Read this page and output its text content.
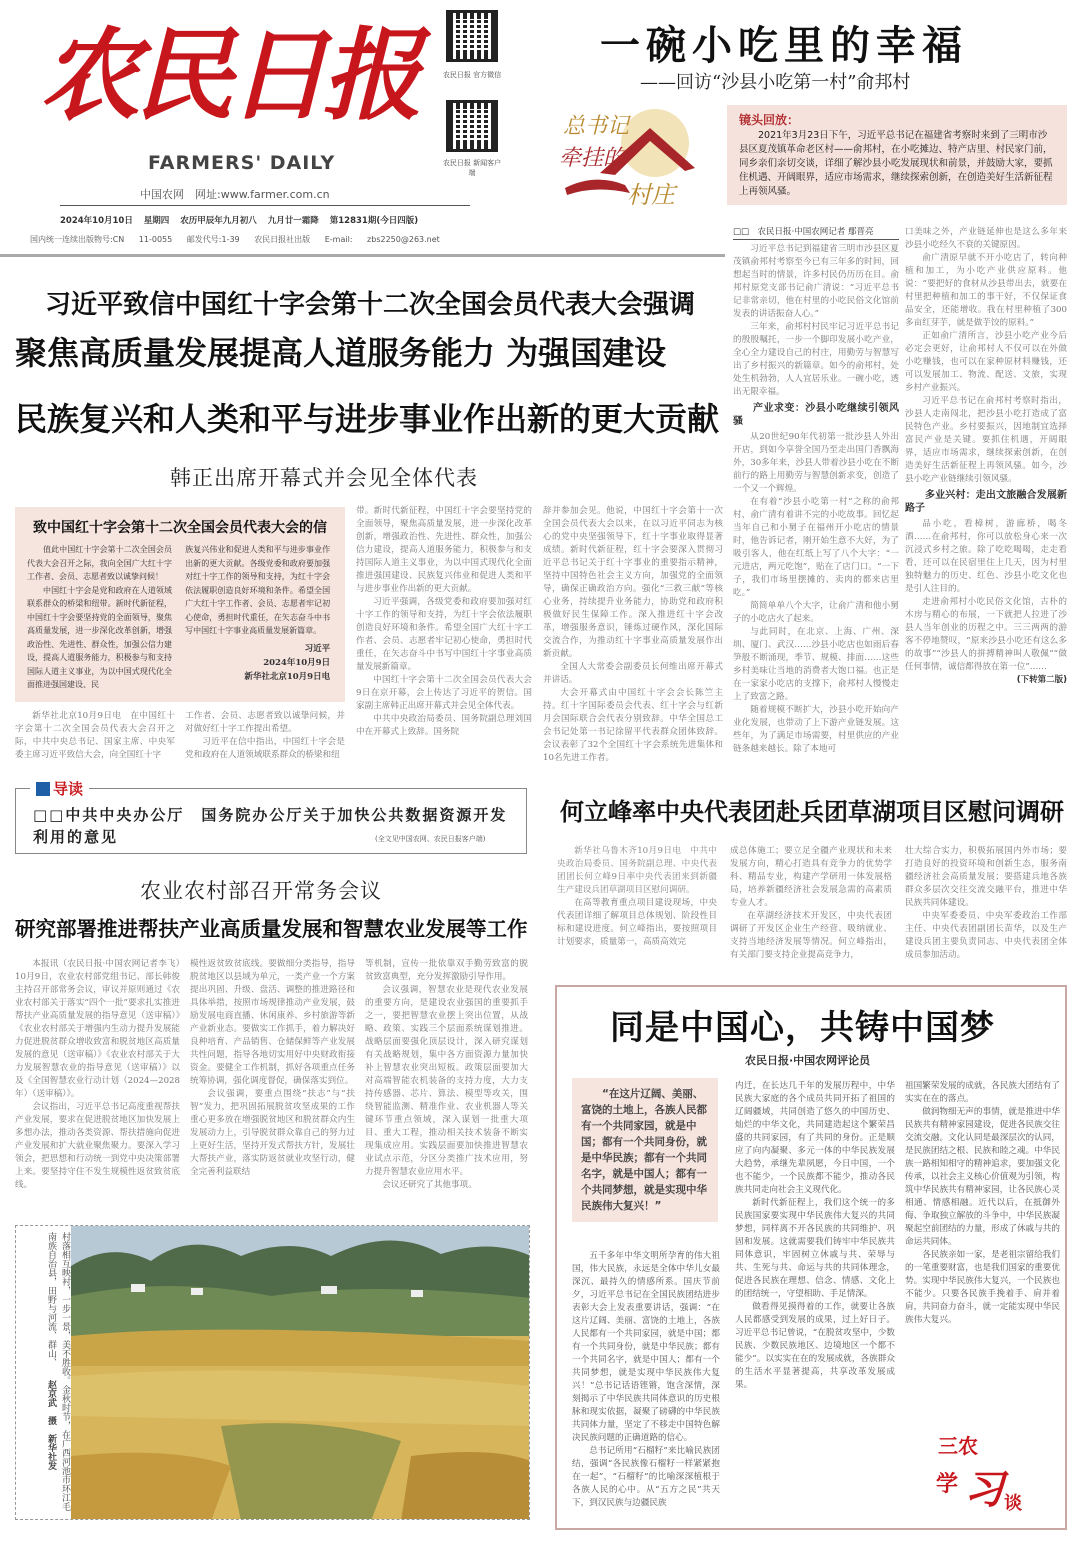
农民日报
FARMERS' DAILY
农民日报 官方微信
农民日报 新闻客户端
中国农网　网址:www.farmer.com.cn
2024年10月10日 星期四 农历甲辰年九月初八 九月廿一霜降 第12831期(今日四版)
国内统一连续出版物号:CN 11-0055 邮发代号:1-39 农民日报社出版 E-mail: zbs2250@263.net
一碗小吃里的幸福
——回访“沙县小吃第一村”俞邦村
总书记
牵挂的
村庄
镜头回放：

2021年3月23日下午，习近平总书记在福建省考察时来到了三明市沙县区夏茂镇革命老区村——俞邦村，在小吃摊边、特产店里、村民家门前，同乡亲们亲切交谈，详细了解沙县小吃发展现状和前景，并鼓励大家，要抓住机遇、开阔眼界，适应市场需求，继续探索创新，在创造美好生活新征程上再领风骚。

□□　农民日报·中国农网记者 鄢晋亮

习近平总书记到福建省三明市沙县区夏茂镇俞邦村考察至今已有三年多的时间，回想起当时的情景，许多村民仍历历在目。俞邦村原党支部书记俞广清说：“习近平总书记非常亲切，他在村里的小吃民俗文化馆前发表的讲话振奋人心。”

三年来，俞邦村村民牢记习近平总书记的殷殷嘱托，一步一个脚印发展小吃产业，全心全力建设自己的村庄，用勤劳与智慧写出了乡村振兴的新篇章。如今的俞邦村，处处生机勃勃，人人宜居乐业。一碗小吃，透出无限幸福。

产业求变：沙县小吃继续引领风骚

从20世纪90年代初第一批沙县人外出开店，到如今享誉全国乃至走出国门香飘海外，30多年来，沙县人带着沙县小吃在不断前行的路上用勤劳与智慧创新求变，创造了一个又一个辉煌。

在有着“沙县小吃第一村”之称的俞邦村，俞广清有着讲不完的小吃故事。回忆起当年自己和小舅子在福州开小吃店的情景时，他告诉记者，刚开始生意不大好，为了吸引客人，他在红纸上写了八个大字：“一元进店，两元吃饱”，贴在了店门口。“一下子，我们市场里摆摊的、卖肉的都来店里吃。”

简简单单八个大字，让俞广清和他小舅子的小吃店火了起来。

与此同时，在北京、上海、广州、深圳、厦门、武汉……沙县小吃店也如雨后春笋般不断涌现，季节、规模、排面……这些乡村美味让当地的消费者大饱口福。也正是在一家家小吃店的支撑下，俞邦村人慢慢走上了致富之路。

随着规模不断扩大，沙县小吃开始向产业化发展，也带动了上下游产业链发展。这些年，为了满足市场需要，村里供应的产业链条越来越长。除了本地可

口美味之外，产业链延伸也是这么多年来沙县小吃经久不衰的关键原因。

俞广清原早就不开小吃店了，转向种植和加工，为小吃产业供应原料。他说：“要把好的食材从沙县带出去，就要在村里把种植和加工的事干好，不仅保证食品安全，还能增收。我在村里种植了300多亩红芽芋，就是做芋饺的原料。”

正如俞广清所言，沙县小吃产业今后必定会更好，让俞邦村人不仅可以在外做小吃赚钱，也可以在家种原材料赚钱，还可以发展加工、物流、配送、文旅，实现乡村产业振兴。

习近平总书记在俞邦村考察时指出，沙县人走南闯北，把沙县小吃打造成了富民特色产业。乡村要振兴，因地制宜选择富民产业是关键。要抓住机遇，开阔眼界，适应市场需求，继续探索创新，在创造美好生活新征程上再领风骚。如今，沙县小吃产业链继续引领风骚。

多业兴村：走出文旅融合发展新路子

品小吃，看樟树，游廊桥，喝冬酒……在俞邦村，你可以放松身心来一次沉浸式乡村之旅。除了吃吃喝喝，走走看看，还可以在民宿里住上几天，因为村里独特魅力的历史、红色、沙县小吃文化也是引人注目的。

走进俞邦村小吃民俗文化馆，古朴的木房与精心的布展，一下就把人拉进了沙县人当年创业的历程之中。三三两两的游客不停地赞叹，“原来沙县小吃还有这么多的故事”“沙县人的拼搏精神叫人敬佩”“做任何事情，诚信都得放在第一位”……

(下转第二版)
习近平致信中国红十字会第十二次全国会员代表大会强调
聚焦高质量发展提高人道服务能力 为强国建设
民族复兴和人类和平与进步事业作出新的更大贡献
韩正出席开幕式并会见全体代表
致中国红十字会第十二次全国会员代表大会的信

值此中国红十字会第十二次全国会员代表大会召开之际，我向全国广大红十字工作者、会员、志愿者致以诚挚问候！

中国红十字会是党和政府在人道领域联系群众的桥梁和纽带。新时代新征程，中国红十字会要坚持党的全面领导，聚焦高质量发展，进一步深化改革创新，增强政治性、先进性、群众性，加强公信力建设，提高人道服务能力，积极参与和支持国际人道主义事业，为以中国式现代化全面推进强国建设、民

族复兴伟业和促进人类和平与进步事业作出新的更大贡献。各级党委和政府要加强对红十字工作的领导和支持，为红十字会依法履职创造良好环境和条件。希望全国广大红十字工作者、会员、志愿者牢记初心使命，勇担时代重任，在矢志奋斗中书写中国红十字事业高质量发展新篇章。

习近平
2024年10月9日
新华社北京10月9日电

新华社北京10月9日电　在中国红十字会第十二次全国会员代表大会召开之际，中共中央总书记、国家主席、中央军委主席习近平致信大会，向全国红十字

工作者、会员、志愿者致以诚挚问候，并对做好红十字工作提出希望。

习近平在信中指出，中国红十字会是党和政府在人道领域联系群众的桥梁和纽

带。新时代新征程，中国红十字会要坚持党的全面领导，聚焦高质量发展，进一步深化改革创新，增强政治性、先进性、群众性，加强公信力建设，提高人道服务能力，积极参与和支持国际人道主义事业，为以中国式现代化全面推进强国建设、民族复兴伟业和促进人类和平与进步事业作出新的更大贡献。

习近平强调，各级党委和政府要加强对红十字工作的领导和支持，为红十字会依法履职创造良好环境和条件。希望全国广大红十字工作者、会员、志愿者牢记初心使命，勇担时代重任，在矢志奋斗中书写中国红十字事业高质量发展新篇章。

中国红十字会第十二次全国会员代表大会9日在京开幕，会上传达了习近平的贺信。国家副主席韩正出席开幕式并会见全体代表。

中共中央政治局委员、国务院副总理刘国中在开幕式上致辞。国务院

辞并参加会见。他说，中国红十字会第十一次全国会员代表大会以来，在以习近平同志为核心的党中央坚强领导下，红十字事业取得显著成绩。新时代新征程，红十字会要深入贯彻习近平总书记关于红十字事业的重要指示精神，坚持中国特色社会主义方向，加强党的全面领导，确保正确政治方向。强化“三救三献”等核心业务，持续提升业务能力，协助党和政府积极做好民生保障工作。深入推进红十字会改革，增强服务意识，锤炼过硬作风，深化国际交流合作，为推动红十字事业高质量发展作出新贡献。

全国人大常委会副委员长何维出席开幕式并讲话。

大会开幕式由中国红十字会会长陈竺主持。红十字国际委员会代表、红十字会与红新月会国际联合会代表分别致辞。中华全国总工会书记处第一书记徐留平代表群众团体致辞。会议表彰了32个全国红十字会系统先进集体和10名先进工作者。

导读
□□中共中央办公厅　国务院办公厅关于加快公共数据资源开发利用的意见	(全文见中国农网、农民日报客户端)
何立峰率中央代表团赴兵团草湖项目区慰问调研

新华社乌鲁木齐10月9日电　中共中央政治局委员、国务院副总理、中央代表团团长何立峰9日率中央代表团来到新疆生产建设兵团草湖项目区慰问调研。

在高等教育重点项目建设现场，中央代表团详细了解项目总体规划、阶段性目标和建设进度。何立峰指出，要按照项目计划要求，质量第一，高质高效完

成总体施工；要立足全疆产业现状和未来发展方向，精心打造具有竞争力的优势学科、精品专业，构建产学研用一体发展格局，培养新疆经济社会发展急需的高素质专业人才。

在草湖经济技术开发区，中央代表团调研了开发区企业生产经营、吸纳就业、支持当地经济发展等情况。何立峰指出，有关部门要支持企业提高竞争力，

壮大综合实力，积极拓展国内外市场；要打造良好的投资环境和创新生态，服务南疆经济社会高质量发展；要搭建兵地各族群众多层次交往交流交融平台，推进中华民族共同体建设。

中央军委委员、中央军委政治工作部主任、中央代表团副团长苗华，以及生产建设兵团主要负责同志、中央代表团全体成员参加活动。

农业农村部召开常务会议
研究部署推进帮扶产业高质量发展和智慧农业发展等工作

本报讯（农民日报·中国农网记者李飞）10月9日，农业农村部党组书记、部长韩俊主持召开部常务会议，审议并原则通过《农业农村部关于落实“四个一批”要求扎实推进帮扶产业高质量发展的指导意见（送审稿）》《农业农村部关于增强内生动力提升发展能力促进脱贫群众增收致富和脱贫地区高质量发展的意见（送审稿）》《农业农村部关于大力发展智慧农业的指导意见（送审稿）》以及《全国智慧农业行动计划（2024—2028年）（送审稿）》。

会议指出，习近平总书记高度重视帮扶产业发展，要求在促进脱贫地区加快发展上多想办法，推动各类资源、帮扶措施向促进产业发展和扩大就业聚焦聚力。要深入学习领会，把思想和行动统一到党中央决策部署上来。要坚持守住不发生规模性返贫致贫底线。

模性返贫致贫底线。要做细分类指导，指导脱贫地区以县域为单元，一类产业一个方案提出巩固、升级、盘活、调整的推进路径和具体举措，按照市场规律推动产业发展，鼓励发展电商直播、休闲康养、乡村旅游等新产业新业态。要做实工作抓手，着力解决好良种培育、产品销售、仓储保鲜等产业发展共性问题，指导各地切实用好中央财政衔接资金。要健全工作机制，抓好各项重点任务统筹协调，强化调度督促，确保落实到位。

会议强调，要重点围绕“扶志”与“扶智”发力，把巩固拓展脱贫攻坚成果的工作重心更多放在增强脱贫地区和脱贫群众内生发展动力上，引导脱贫群众靠自己的努力过上更好生活，坚持开发式帮扶方针，发展壮大帮扶产业，落实防返贫就业攻坚行动，健全完善利益联结

等机制，宣传一批依靠双手勤劳致富的脱贫致富典型，充分发挥激励引导作用。

会议强调，智慧农业是现代农业发展的重要方向，是建设农业强国的重要抓手之一，要把智慧农业摆上突出位置，从战略、政策、实践三个层面系统谋划推进。战略层面要强化顶层设计，深入研究谋划有关战略规划，集中各方面资源力量加快补上智慧农业突出短板。政策层面要加大对高端智能农机装备的支持力度，大力支持传感器、芯片、算法、模型等攻关，围绕智能监测、精准作业、农业机器人等关键环节重点领域，深入谋划一批重大项目、重大工程，推动相关技术装备不断实现集成应用。实践层面要加快推进智慧农业试点示范，分区分类推广技术应用，努力提升智慧农业应用水平。

会议还研究了其他事项。

村落相互映衬，一步一景，美不胜收。金秋时节，在广西河池市环江毛南族自治县，田野与河流、群山、 赵京武　摄　新华社发
同是中国心，共铸中国梦
农民日报·中国农网评论员
“在这片辽阔、美丽、富饶的土地上，各族人民都有一个共同家园，就是中国；都有一个共同身份，就是中华民族；都有一个共同名字，就是中国人；都有一个共同梦想，就是实现中华民族伟大复兴！”

五千多年中华文明所孕育的伟大祖国，伟大民族，永远是全体中华儿女最深沉、最持久的情感所系。国庆节前夕，习近平总书记在全国民族团结进步表彰大会上发表重要讲话，强调：“在这片辽阔、美丽、富饶的土地上，各族人民都有一个共同家园，就是中国；都有一个共同身份，就是中华民族；都有一个共同名字，就是中国人；都有一个共同梦想，就是实现中华民族伟大复兴！”总书记话语铿锵，饱含深情，深刻揭示了中华民族共同体意识的历史根脉和现实依据，凝聚了磅礴的中华民族共同体力量，坚定了不移走中国特色解决民族问题的正确道路的信心。

总书记所用“石榴籽”来比喻民族团结，强调“各民族像石榴籽一样紧紧抱在一起”，“石榴籽”的比喻深深植根于各族人民的心中。从“五方之民”共天下，到汉民族与边疆民族

内迁，在长达几千年的发展历程中，中华民族大家庭的各个成员共同开拓了祖国的辽阔疆域，共同创造了悠久的中国历史、灿烂的中华文化，共同建造起这个繁荣昌盛的共同家园，有了共同的身份。正是顺应了向内凝聚、多元一体的中华民族发展大趋势，承继先辈夙愿，今日中国，一个也不能少，一个民族都不能少，推动各民族共同走向社会主义现代化。

新时代新征程上，我们这个统一的多民族国家要实现中华民族伟大复兴的共同梦想，同样离不开各民族的共同维护、巩固和发展。这就需要我们铸牢中华民族共同体意识，牢固树立休戚与共、荣辱与共、生死与共、命运与共的共同体理念，促进各民族在理想、信念、情感、文化上的团结统一，守望相助、手足情深。

做看得见摸得着的工作，就要让各族人民都感受到发展的成果，过上好日子。习近平总书记曾说，“在脱贫攻坚中，少数民族、少数民族地区、边境地区一个都不能少”。以实实在在的发展成就，各族群众的生活水平显著提高，共享改革发展成果。

祖国繁荣发展的成就，各民族大团结有了实实在在的落点。

做润物细无声的事情，就是推进中华民族共有精神家园建设，促进各民族交往交流交融。文化认同是最深层次的认同，是民族团结之根、民族和睦之魂。中华民族一路相知相守的精神追求，要加强文化传承，以社会主义核心价值观为引领，构筑中华民族共有精神家园，让各民族心灵相通、情感相融。近代以后，在抵御外侮、争取独立解放的斗争中，中华民族凝聚起空前团结的力量，形成了休戚与共的命运共同体。

各民族亲如一家，是老祖宗留给我们的一笔重要财富，也是我们国家的重要优势。实现中华民族伟大复兴，一个民族也不能少。只要各民族手挽着手、肩并着肩，共同奋力奋斗，就一定能实现中华民族伟大复兴。

三农
学 习 谈
